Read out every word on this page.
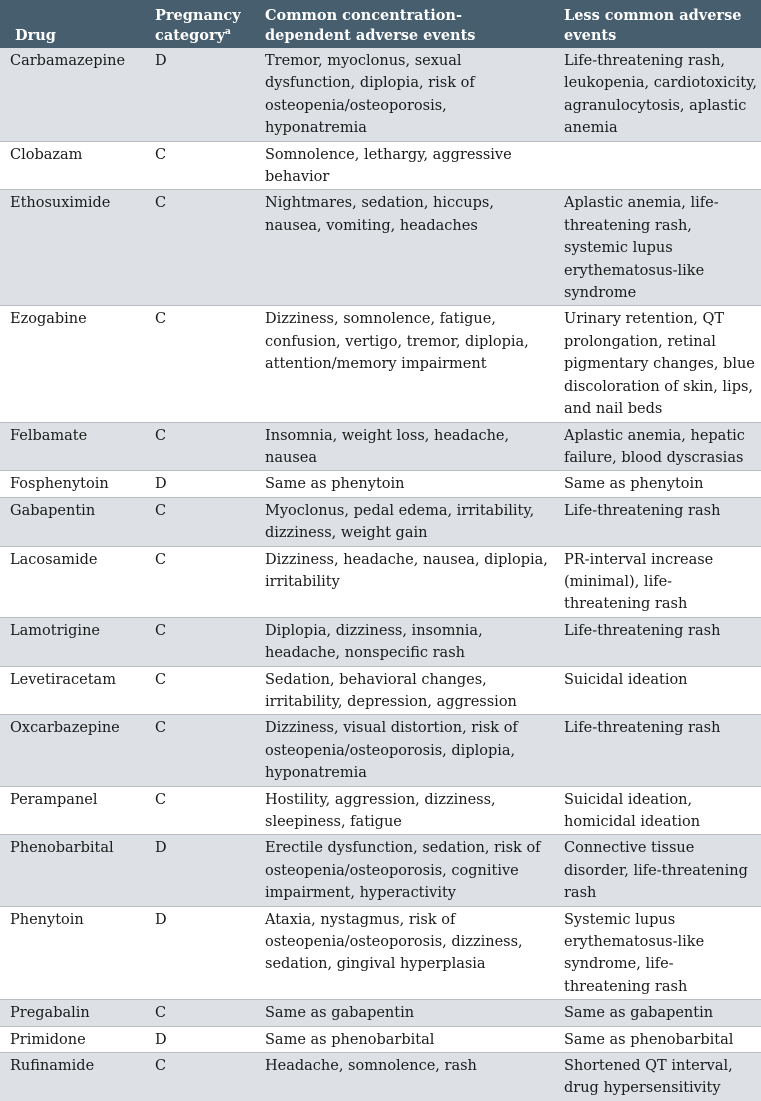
Drug	Pregnancy category$^a$	Common concentration-dependent adverse events	Less common adverse events
Carbamazepine	D	Tremor, myoclonus, sexual dysfunction, diplopia, risk of osteopenia/osteoporosis, hyponatremia	Life-threatening rash, leukopenia, cardiotoxicity, agranulocytosis, aplastic anemia
Clobazam	C	Somnolence, lethargy, aggressive behavior	
Ethosuximide	C	Nightmares, sedation, hiccups, nausea, vomiting, headaches	Aplastic anemia, life-threatening rash, systemic lupus erythematosus-like syndrome
Ezogabine	C	Dizziness, somnolence, fatigue, confusion, vertigo, tremor, diplopia, attention/memory impairment	Urinary retention, QT prolongation, retinal pigmentary changes, blue discoloration of skin, lips, and nail beds
Felbamate	C	Insomnia, weight loss, headache, nausea	Aplastic anemia, hepatic failure, blood dyscrasias
Fosphenytoin	D	Same as phenytoin	Same as phenytoin
Gabapentin	C	Myoclonus, pedal edema, irritability, dizziness, weight gain	Life-threatening rash
Lacosamide	C	Dizziness, headache, nausea, diplopia, irritability	PR-interval increase (minimal), life-threatening rash
Lamotrigine	C	Diplopia, dizziness, insomnia, headache, nonspecific rash	Life-threatening rash
Levetiracetam	C	Sedation, behavioral changes, irritability, depression, aggression	Suicidal ideation
Oxcarbazepine	C	Dizziness, visual distortion, risk of osteopenia/osteoporosis, diplopia, hyponatremia	Life-threatening rash
Perampanel	C	Hostility, aggression, dizziness, sleepiness, fatigue	Suicidal ideation, homicidal ideation
Phenobarbital	D	Erectile dysfunction, sedation, risk of osteopenia/osteoporosis, cognitive impairment, hyperactivity	Connective tissue disorder, life-threatening rash
Phenytoin	D	Ataxia, nystagmus, risk of osteopenia/osteoporosis, dizziness, sedation, gingival hyperplasia	Systemic lupus erythematosus-like syndrome, life-threatening rash
Pregabalin	C	Same as gabapentin	Same as gabapentin
Primidone	D	Same as phenobarbital	Same as phenobarbital
Rufinamide	C	Headache, somnolence, rash	Shortened QT interval, drug hypersensitivity
